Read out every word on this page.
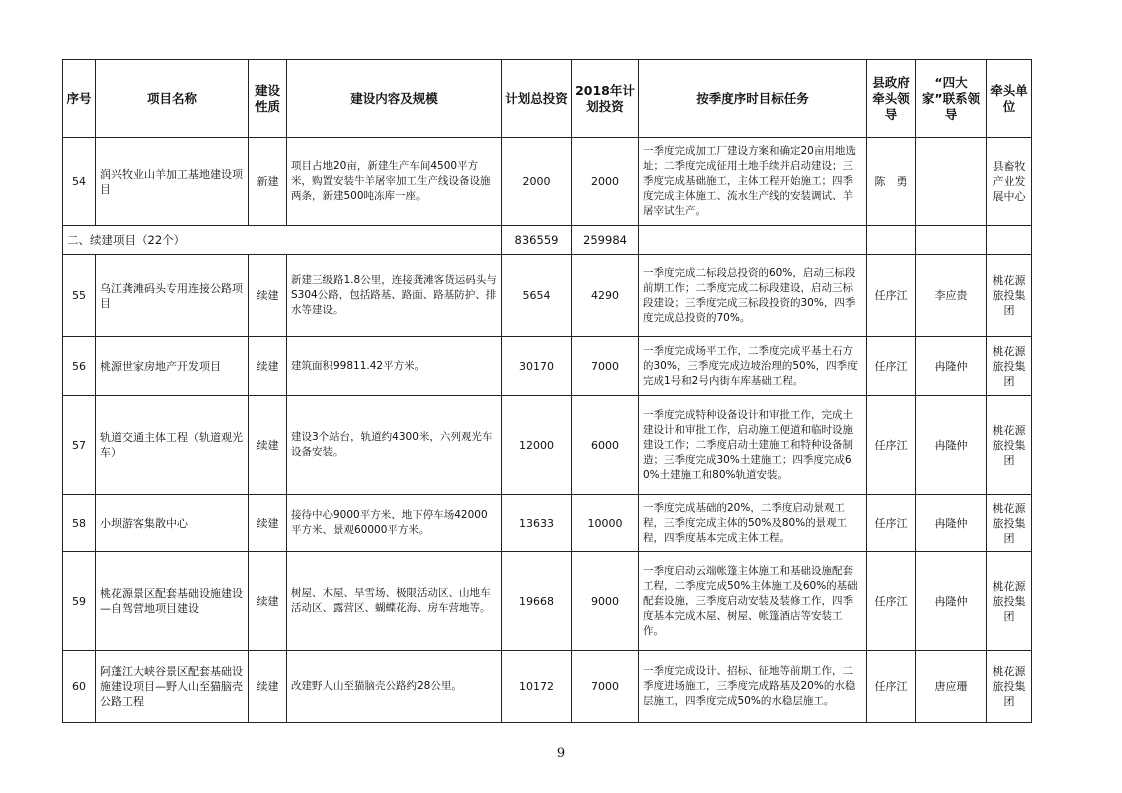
序号	项目名称	建设性质	建设内容及规模	计划总投资	2018年计划投资	按季度序时目标任务	县政府牵头领导	“四大家”联系领导	牵头单位
54	润兴牧业山羊加工基地建设项目	新建	项目占地20亩，新建生产车间4500平方米，购置安装牛羊屠宰加工生产线设备设施两条，新建500吨冻库一座。	2000	2000	一季度完成加工厂建设方案和确定20亩用地选址；二季度完成征用土地手续并启动建设；三季度完成基础施工，主体工程开始施工；四季度完成主体施工、流水生产线的安装调试、羊屠宰试生产。	陈　勇		县畜牧产业发展中心
二、续建项目（22个）				836559	259984				
55	乌江龚滩码头专用连接公路项目	续建	新建三级路1.8公里，连接龚滩客货运码头与S304公路，包括路基、路面、路基防护、排水等建设。	5654	4290	一季度完成二标段总投资的60%，启动三标段前期工作；二季度完成二标段建设，启动三标段建设；三季度完成三标段投资的30%，四季度完成总投资的70%。	任序江	李应贵	桃花源旅投集团
56	桃源世家房地产开发项目	续建	建筑面积99811.42平方米。	30170	7000	一季度完成场平工作，二季度完成平基土石方的30%，三季度完成边坡治理的50%，四季度完成1号和2号内街车库基础工程。	任序江	冉隆仲	桃花源旅投集团
57	轨道交通主体工程（轨道观光车）	续建	建设3个站台，轨道约4300米，六列观光车设备安装。	12000	6000	一季度完成特种设备设计和审批工作，完成土建设计和审批工作，启动施工便道和临时设施建设工作；二季度启动土建施工和特种设备制造；三季度完成30%土建施工；四季度完成60%土建施工和80%轨道安装。	任序江	冉隆仲	桃花源旅投集团
58	小坝游客集散中心	续建	接待中心9000平方米、地下停车场42000平方米、景观60000平方米。	13633	10000	一季度完成基础的20%，二季度启动景观工程，三季度完成主体的50%及80%的景观工程，四季度基本完成主体工程。	任序江	冉隆仲	桃花源旅投集团
59	桃花源景区配套基础设施建设—自驾营地项目建设	续建	树屋、木屋、旱雪场、极限活动区、山地车活动区、露营区、蝴蝶花海、房车营地等。	19668	9000	一季度启动云端帐篷主体施工和基础设施配套工程，二季度完成50%主体施工及60%的基础配套设施，三季度启动安装及装修工作，四季度基本完成木屋、树屋、帐篷酒店等安装工作。	任序江	冉隆仲	桃花源旅投集团
60	阿蓬江大峡谷景区配套基础设施建设项目—野人山至猫脑壳公路工程	续建	改建野人山至猫脑壳公路约28公里。	10172	7000	一季度完成设计、招标、征地等前期工作，二季度进场施工，三季度完成路基及20%的水稳层施工，四季度完成50%的水稳层施工。	任序江	唐应珊	桃花源旅投集团
9
